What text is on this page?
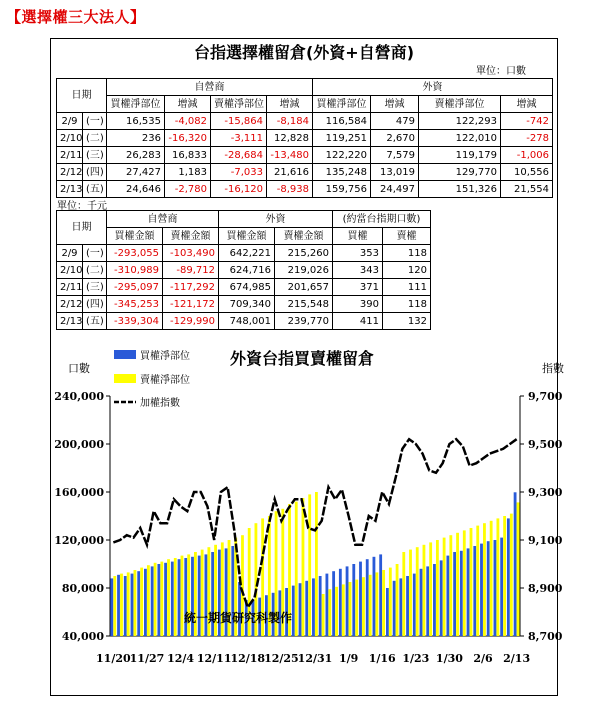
【選擇權三大法人】
台指選擇權留倉(外資+自營商)
單位：口數
日期		自營商				外資			
		買權淨部位	增減	賣權淨部位	增減	買權淨部位	增減	賣權淨部位	增減
2/9	(一)	16,535	-4,082	-15,864	-8,184	116,584	479	122,293	-742
2/10	(二)	236	-16,320	-3,111	12,828	119,251	2,670	122,010	-278
2/11	(三)	26,283	16,833	-28,684	-13,480	122,220	7,579	119,179	-1,006
2/12	(四)	27,427	1,183	-7,033	21,616	135,248	13,019	129,770	10,556
2/13	(五)	24,646	-2,780	-16,120	-8,938	159,756	24,497	151,326	21,554
單位：千元
日期		自營商		外資		(約當台指期口數)	
		買權金額	賣權金額	買權金額	賣權金額	買權	賣權
2/9	(一)	-293,055	-103,490	642,221	215,260	353	118
2/10	(二)	-310,989	-89,712	624,716	219,026	343	120
2/11	(三)	-295,097	-117,292	674,985	201,657	371	111
2/12	(四)	-345,253	-121,172	709,340	215,548	390	118
2/13	(五)	-339,304	-129,990	748,001	239,770	411	132
40,000
80,000
120,000
160,000
200,000
240,000
8,700
8,900
9,100
9,300
9,500
9,700
11/20
11/27 12/4 12/11
12/18
12/25
12/31 1/9 1/16 1/23 1/30 2/6 2/13
口數	指數
外資台指買賣權留倉
買權淨部位
賣權淨部位
加權指數
統一期貨研究科製作
